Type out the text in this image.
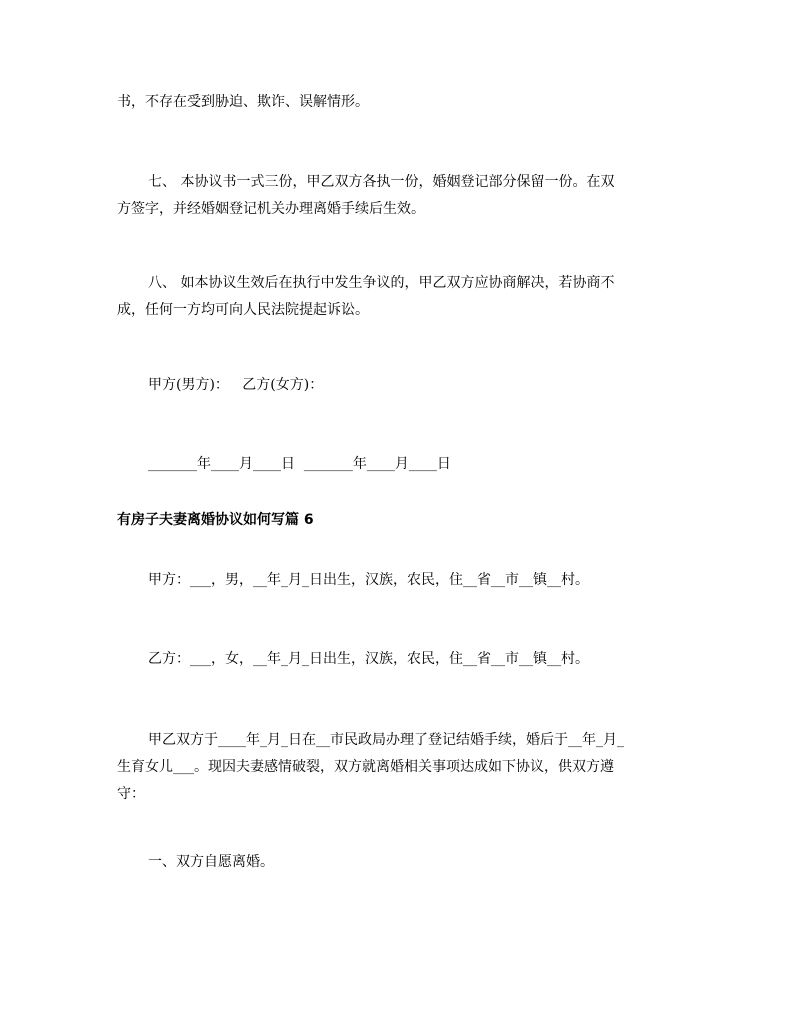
书，不存在受到胁迫、欺诈、误解情形。

七、 本协议书一式三份，甲乙双方各执一份，婚姻登记部分保留一份。在双
方签字，并经婚姻登记机关办理离婚手续后生效。

八、 如本协议生效后在执行中发生争议的，甲乙双方应协商解决，若协商不
成，任何一方均可向人民法院提起诉讼。

甲方(男方)：   乙方(女方)：

_______年____月____日  _______年____月____日

有房子夫妻离婚协议如何写篇 6

甲方：___，男，__年_月_日出生，汉族，农民，住__省__市__镇__村。

乙方：___，女，__年_月_日出生，汉族，农民，住__省__市__镇__村。

甲乙双方于____年_月_日在__市民政局办理了登记结婚手续，婚后于__年_月_
生育女儿___。现因夫妻感情破裂，双方就离婚相关事项达成如下协议，供双方遵
守：

一、双方自愿离婚。
